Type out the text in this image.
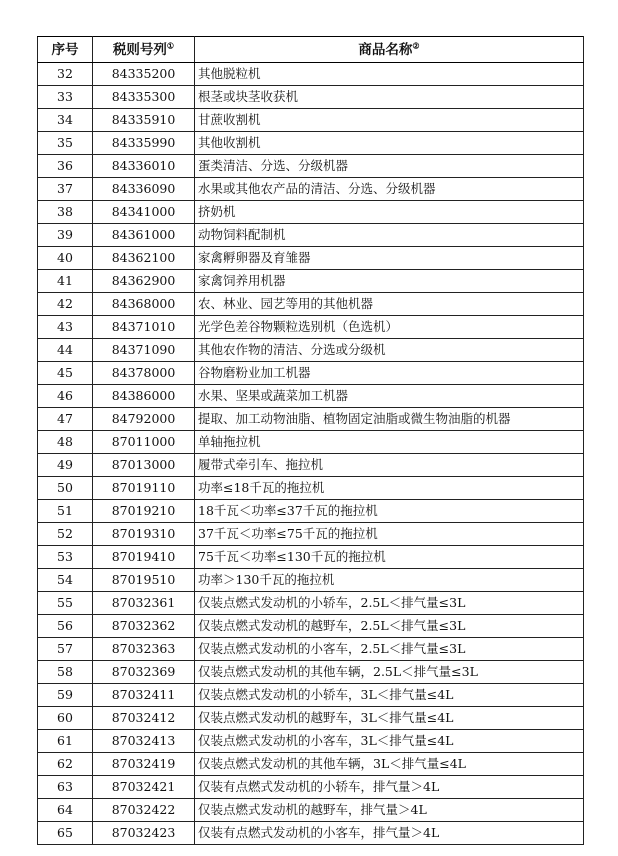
序号	税则号列①	商品名称②
32	84335200	其他脱粒机
33	84335300	根茎或块茎收获机
34	84335910	甘蔗收割机
35	84335990	其他收割机
36	84336010	蛋类清洁、分选、分级机器
37	84336090	水果或其他农产品的清洁、分选、分级机器
38	84341000	挤奶机
39	84361000	动物饲料配制机
40	84362100	家禽孵卵器及育雏器
41	84362900	家禽饲养用机器
42	84368000	农、林业、园艺等用的其他机器
43	84371010	光学色差谷物颗粒选别机（色选机）
44	84371090	其他农作物的清洁、分选或分级机
45	84378000	谷物磨粉业加工机器
46	84386000	水果、坚果或蔬菜加工机器
47	84792000	提取、加工动物油脂、植物固定油脂或微生物油脂的机器
48	87011000	单轴拖拉机
49	87013000	履带式牵引车、拖拉机
50	87019110	功率≤18千瓦的拖拉机
51	87019210	18千瓦＜功率≤37千瓦的拖拉机
52	87019310	37千瓦＜功率≤75千瓦的拖拉机
53	87019410	75千瓦＜功率≤130千瓦的拖拉机
54	87019510	功率＞130千瓦的拖拉机
55	87032361	仅装点燃式发动机的小轿车，2.5L＜排气量≤3L
56	87032362	仅装点燃式发动机的越野车，2.5L＜排气量≤3L
57	87032363	仅装点燃式发动机的小客车，2.5L＜排气量≤3L
58	87032369	仅装点燃式发动机的其他车辆，2.5L＜排气量≤3L
59	87032411	仅装点燃式发动机的小轿车，3L＜排气量≤4L
60	87032412	仅装点燃式发动机的越野车，3L＜排气量≤4L
61	87032413	仅装点燃式发动机的小客车，3L＜排气量≤4L
62	87032419	仅装点燃式发动机的其他车辆，3L＜排气量≤4L
63	87032421	仅装有点燃式发动机的小轿车，排气量＞4L
64	87032422	仅装点燃式发动机的越野车，排气量＞4L
65	87032423	仅装有点燃式发动机的小客车，排气量＞4L
